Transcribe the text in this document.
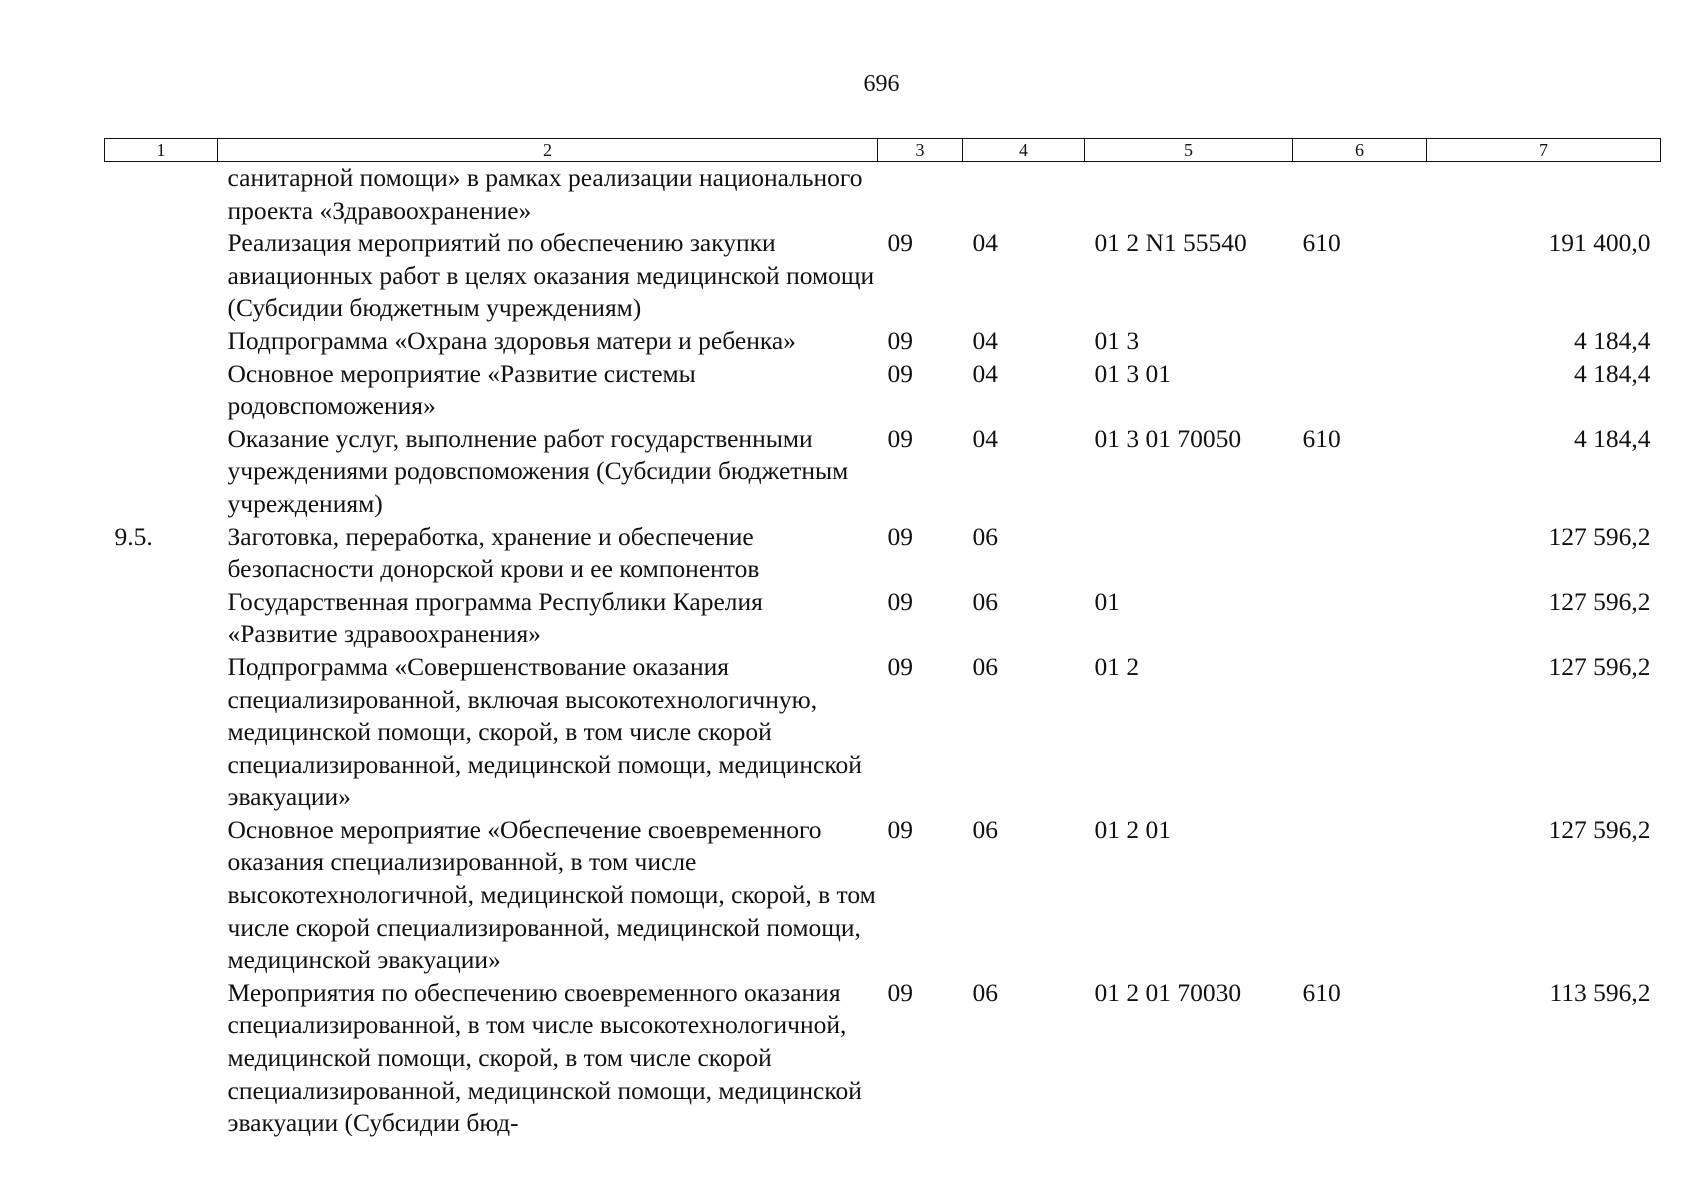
696
1	2	3	4	5	6	7
	санитарной помощи» в рамках реализации национального проекта «Здравоохранение»					
	Реализация мероприятий по обеспечению закупки авиационных работ в целях оказания медицинской помощи (Субсидии бюджетным учреждениям)	09	04	01 2 N1 55540	610	191 400,0
	Подпрограмма «Охрана здоровья матери и ребенка»	09	04	01 3		4 184,4
	Основное мероприятие «Развитие системы родовспоможения»	09	04	01 3 01		4 184,4
	Оказание услуг, выполнение работ государственными учреждениями родовспоможения (Субсидии бюджетным учреждениям)	09	04	01 3 01 70050	610	4 184,4
9.5.	Заготовка, переработка, хранение и обеспечение безопасности донорской крови и ее компонентов	09	06			127 596,2
	Государственная программа Республики Карелия «Развитие здравоохранения»	09	06	01		127 596,2
	Подпрограмма «Совершенствование оказания специализированной, включая высокотехнологичную, медицинской помощи, скорой, в том числе скорой специализированной, медицинской помощи, медицинской эвакуации»	09	06	01 2		127 596,2
	Основное мероприятие «Обеспечение своевременного оказания специализированной, в том числе высокотехнологичной, медицинской помощи, скорой, в том числе скорой специализированной, медицинской помощи, медицинской эвакуации»	09	06	01 2 01		127 596,2
	Мероприятия по обеспечению своевременного оказания специализированной, в том числе высокотехнологичной, медицинской помощи, скорой, в том числе скорой специализированной, медицинской помощи, медицинской эвакуации (Субсидии бюд-	09	06	01 2 01 70030	610	113 596,2
